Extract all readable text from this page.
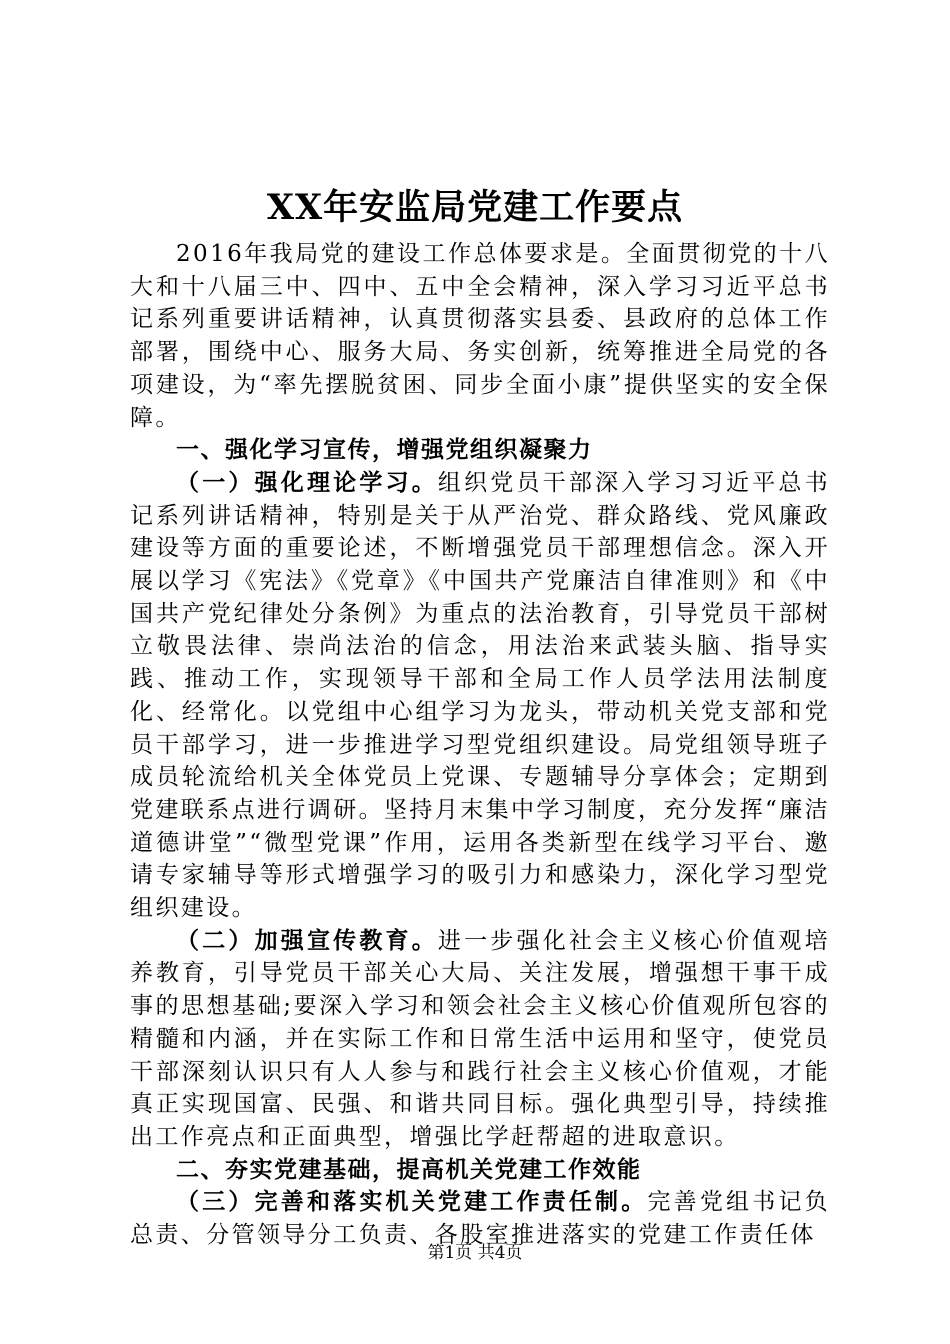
XX年安监局党建工作要点

2016年我局党的建设工作总体要求是。全面贯彻党的十八大和十八届三中、四中、五中全会精神，深入学习习近平总书记系列重要讲话精神，认真贯彻落实县委、县政府的总体工作部署，围绕中心、服务大局、务实创新，统筹推进全局党的各项建设，为“率先摆脱贫困、同步全面小康”提供坚实的安全保障。

一、强化学习宣传，增强党组织凝聚力

（一）强化理论学习。组织党员干部深入学习习近平总书记系列讲话精神，特别是关于从严治党、群众路线、党风廉政建设等方面的重要论述，不断增强党员干部理想信念。深入开展以学习《宪法》《党章》《中国共产党廉洁自律准则》和《中国共产党纪律处分条例》为重点的法治教育，引导党员干部树立敬畏法律、崇尚法治的信念，用法治来武装头脑、指导实践、推动工作，实现领导干部和全局工作人员学法用法制度化、经常化。以党组中心组学习为龙头，带动机关党支部和党员干部学习，进一步推进学习型党组织建设。局党组领导班子成员轮流给机关全体党员上党课、专题辅导分享体会；定期到党建联系点进行调研。坚持月末集中学习制度，充分发挥“廉洁道德讲堂”“微型党课”作用，运用各类新型在线学习平台、邀请专家辅导等形式增强学习的吸引力和感染力，深化学习型党组织建设。

（二）加强宣传教育。进一步强化社会主义核心价值观培养教育，引导党员干部关心大局、关注发展，增强想干事干成事的思想基础;要深入学习和领会社会主义核心价值观所包容的精髓和内涵，并在实际工作和日常生活中运用和坚守，使党员干部深刻认识只有人人参与和践行社会主义核心价值观，才能真正实现国富、民强、和谐共同目标。强化典型引导，持续推出工作亮点和正面典型，增强比学赶帮超的进取意识。

二、夯实党建基础，提高机关党建工作效能

（三）完善和落实机关党建工作责任制。完善党组书记负总责、分管领导分工负责、各股室推进落实的党建工作责任体

第1页 共4页
